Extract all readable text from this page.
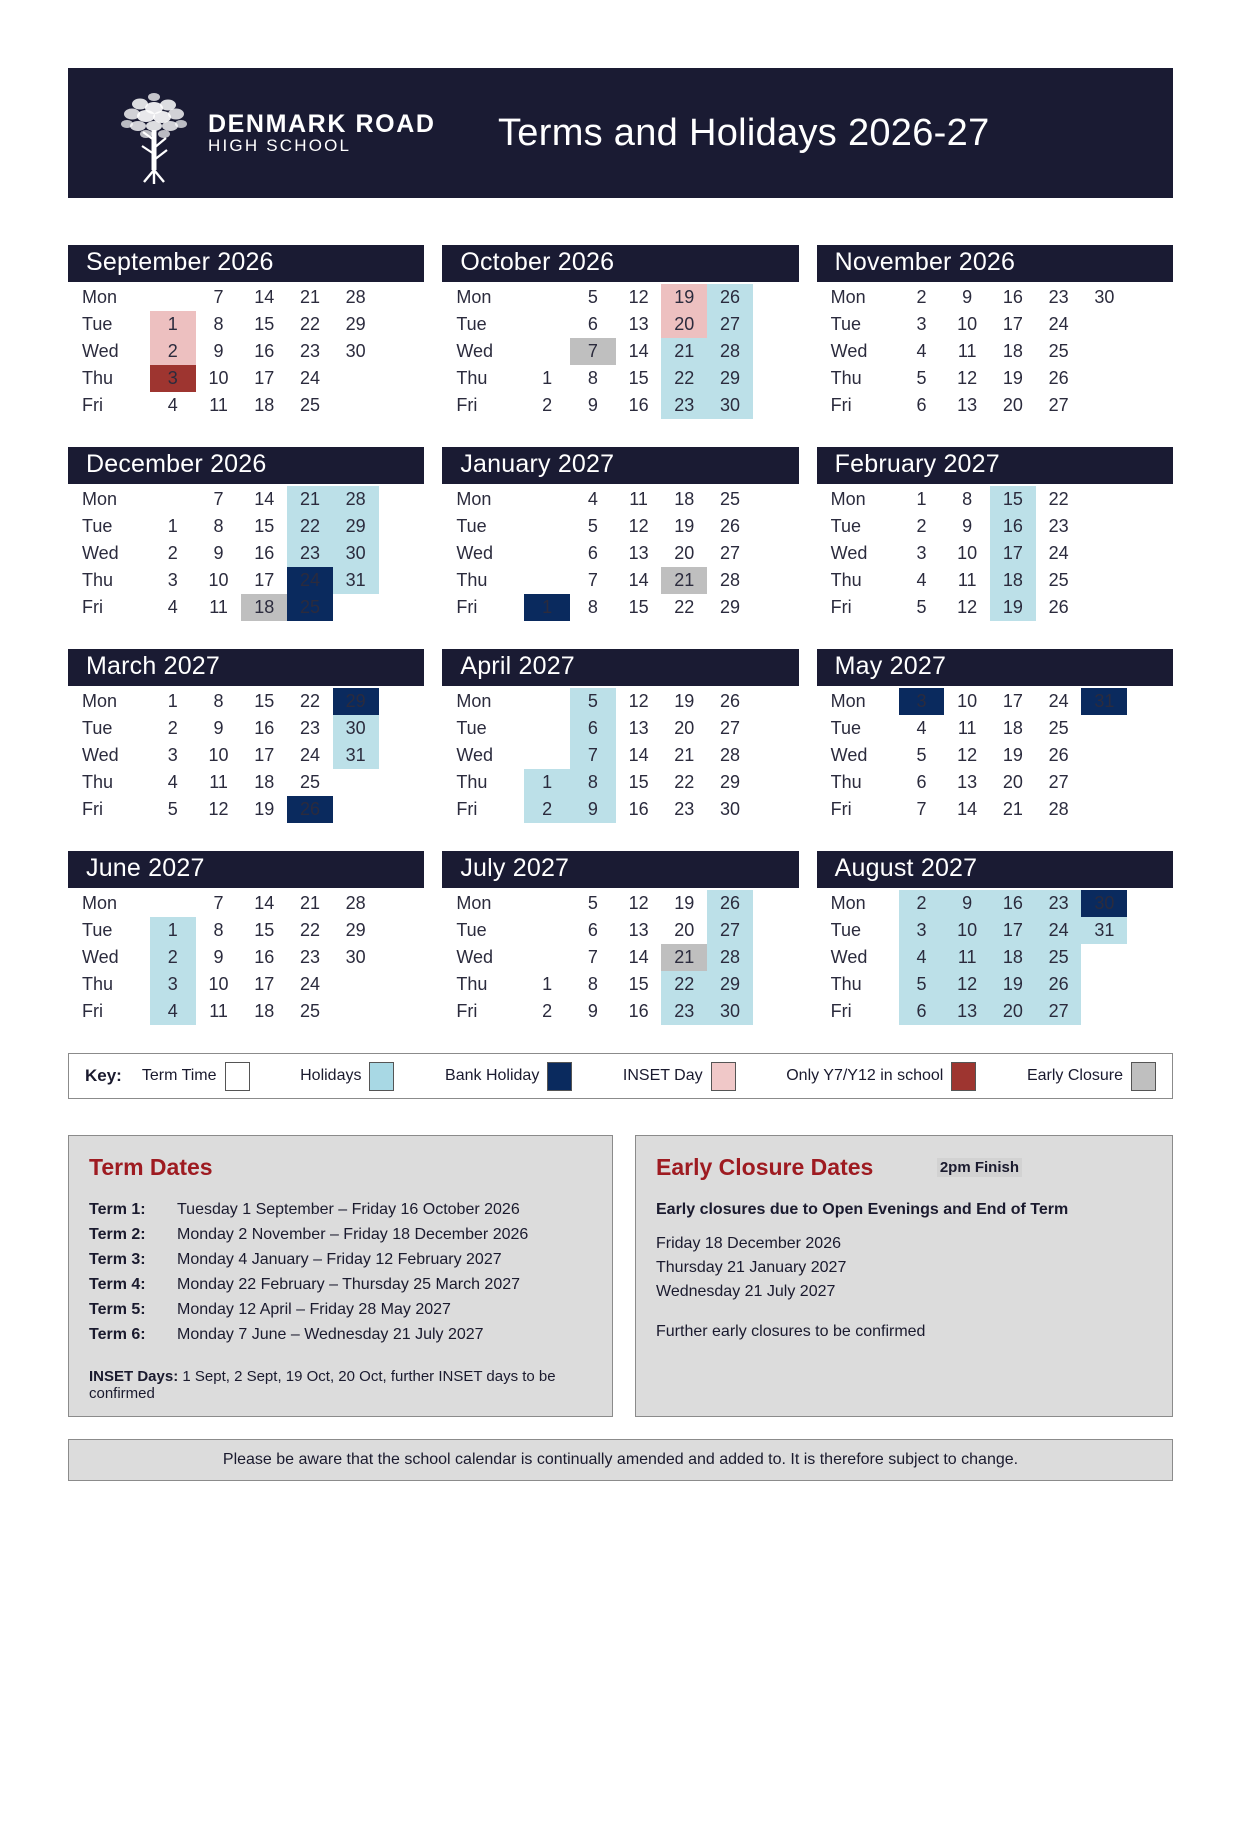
DENMARK ROAD
HIGH SCHOOL	Terms and Holidays 2026-27
September 2026
Mon		7	14	21	28	
Tue	1	8	15	22	29	
Wed	2	9	16	23	30	
Thu	3	10	17	24		
Fri	4	11	18	25		
October 2026
Mon		5	12	19	26	
Tue		6	13	20	27	
Wed		7	14	21	28	
Thu	1	8	15	22	29	
Fri	2	9	16	23	30	
November 2026
Mon	2	9	16	23	30	
Tue	3	10	17	24		
Wed	4	11	18	25		
Thu	5	12	19	26		
Fri	6	13	20	27		
December 2026
Mon		7	14	21	28	
Tue	1	8	15	22	29	
Wed	2	9	16	23	30	
Thu	3	10	17	24	31	
Fri	4	11	18	25		
January 2027
Mon		4	11	18	25	
Tue		5	12	19	26	
Wed		6	13	20	27	
Thu		7	14	21	28	
Fri	1	8	15	22	29	
February 2027
Mon	1	8	15	22		
Tue	2	9	16	23		
Wed	3	10	17	24		
Thu	4	11	18	25		
Fri	5	12	19	26		
March 2027
Mon	1	8	15	22	29	
Tue	2	9	16	23	30	
Wed	3	10	17	24	31	
Thu	4	11	18	25		
Fri	5	12	19	26		
April 2027
Mon		5	12	19	26	
Tue		6	13	20	27	
Wed		7	14	21	28	
Thu	1	8	15	22	29	
Fri	2	9	16	23	30	
May 2027
Mon	3	10	17	24	31	
Tue	4	11	18	25		
Wed	5	12	19	26		
Thu	6	13	20	27		
Fri	7	14	21	28		
June 2027
Mon		7	14	21	28	
Tue	1	8	15	22	29	
Wed	2	9	16	23	30	
Thu	3	10	17	24		
Fri	4	11	18	25		
July 2027
Mon		5	12	19	26	
Tue		6	13	20	27	
Wed		7	14	21	28	
Thu	1	8	15	22	29	
Fri	2	9	16	23	30	
August 2027
Mon	2	9	16	23	30	
Tue	3	10	17	24	31	
Wed	4	11	18	25		
Thu	5	12	19	26		
Fri	6	13	20	27		
Key: Term Time	Holidays	Bank Holiday	INSET Day	Only Y7/Y12 in school	Early Closure
Term Dates
Term 1:	Tuesday 1 September – Friday 16 October 2026
Term 2:	Monday 2 November – Friday 18 December 2026
Term 3:	Monday 4 January – Friday 12 February 2027
Term 4:	Monday 22 February – Thursday 25 March 2027
Term 5:	Monday 12 April – Friday 28 May 2027
Term 6:	Monday 7 June – Wednesday 21 July 2027
INSET Days: 1 Sept, 2 Sept, 19 Oct, 20 Oct, further INSET days to be confirmed
Early Closure Dates	2pm Finish
Early closures due to Open Evenings and End of Term
Friday 18 December 2026
Thursday 21 January 2027
Wednesday 21 July 2027
Further early closures to be confirmed
Please be aware that the school calendar is continually amended and added to. It is therefore subject to change.
